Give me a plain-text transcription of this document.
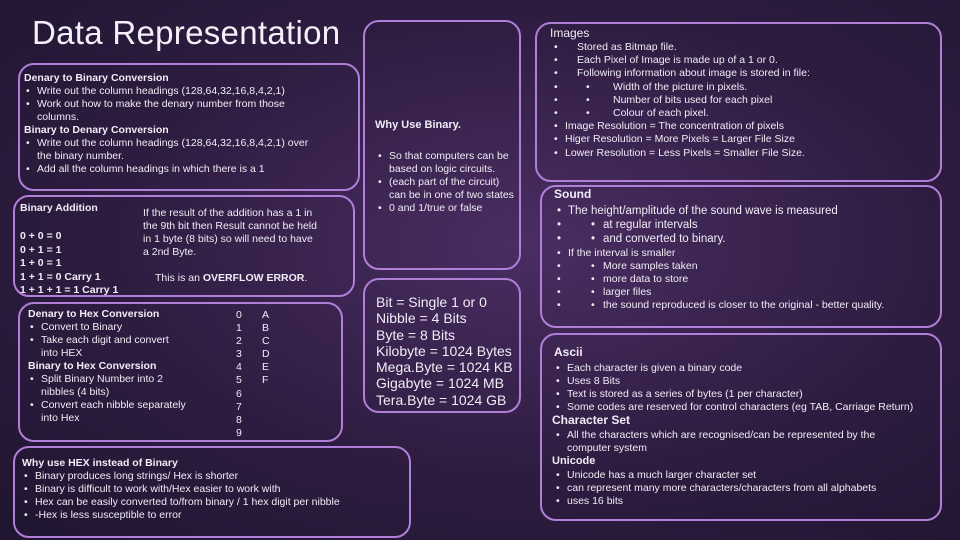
Data Representation
Denary to Binary Conversion
• Write out the column headings (128,64,32,16,8,4,2,1)
• Work out how to make the denary number from those
columns.
Binary to Denary Conversion
• Write out the column headings (128,64,32,16,8,4,2,1) over
the binary number.
• Add all the column headings in which there is a 1
Binary Addition
0 + 0 = 0
0 + 1 = 1
1 + 0 = 1
1 + 1 = 0 Carry 1
1 + 1 + 1 = 1 Carry 1
If the result of the addition has a 1 in
the 9th bit then Result cannot be held
in 1 byte (8 bits) so will need to have
a 2nd Byte.
This is an OVERFLOW ERROR.
Denary to Hex Conversion
• Convert to Binary
• Take each digit and convert
into HEX
Binary to Hex Conversion
• Split Binary Number into 2
nibbles (4 bits)
• Convert each nibble separately
into Hex
0
1
2
3
4
5
6
7
8
9
A
B
C
D
E
F
Why use HEX instead of Binary
• Binary produces long strings/ Hex is shorter
• Binary is difficult to work with/Hex easier to work with
• Hex can be easily converted to/from binary / 1 hex digit per nibble
• -Hex is less susceptible to error
Why Use Binary.
• So that computers can be
based on logic circuits.
• (each part of the circuit)
can be in one of two states
• 0 and 1/true or false
Bit = Single 1 or 0
Nibble = 4 Bits
Byte = 8 Bits
Kilobyte = 1024 Bytes
Mega.Byte = 1024 KB
Gigabyte = 1024 MB
Tera.Byte = 1024 GB
Images
• Stored as Bitmap file.
• Each Pixel of Image is made up of a 1 or 0.
• Following information about image is stored in file:
• • Width of the picture in pixels.
• • Number of bits used for each pixel
• • Colour of each pixel.
• Image Resolution = The concentration of pixels
• Higer Resolution = More Pixels = Larger File Size
• Lower Resolution = Less Pixels = Smaller File Size.
Sound
• The height/amplitude of the sound wave is measured
• • at regular intervals
• • and converted to binary.
• If the interval is smaller
• • More samples taken
• • more data to store
• • larger files
• • the sound reproduced is closer to the original - better quality.
Ascii
• Each character is given a binary code
• Uses 8 Bits
• Text is stored as a series of bytes (1 per character)
• Some codes are reserved for control characters (eg TAB, Carriage Return)
Character Set
• All the characters which are recognised/can be represented by the
computer system
Unicode
• Unicode has a much larger character set
• can represent many more characters/characters from all alphabets
• uses 16 bits
